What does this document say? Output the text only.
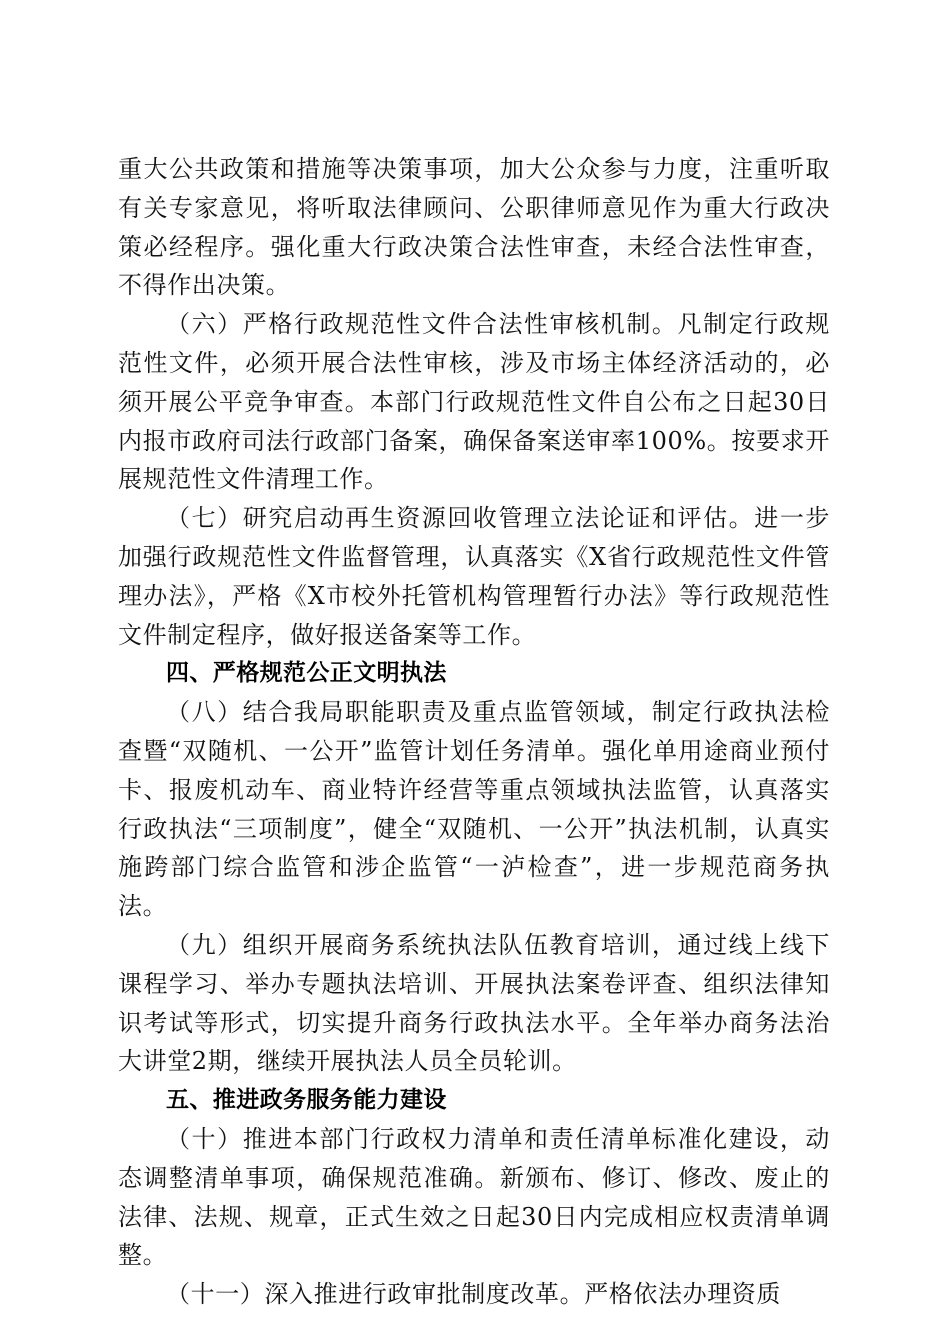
重大公共政策和措施等决策事项，加大公众参与力度，注重听取有关专家意见，将听取法律顾问、公职律师意见作为重大行政决策必经程序。强化重大行政决策合法性审查，未经合法性审查，不得作出决策。

（六）严格行政规范性文件合法性审核机制。凡制定行政规范性文件，必须开展合法性审核，涉及市场主体经济活动的，必须开展公平竞争审查。本部门行政规范性文件自公布之日起30日内报市政府司法行政部门备案，确保备案送审率100%。按要求开展规范性文件清理工作。

（七）研究启动再生资源回收管理立法论证和评估。进一步加强行政规范性文件监督管理，认真落实《X省行政规范性文件管理办法》，严格《X市校外托管机构管理暂行办法》等行政规范性文件制定程序，做好报送备案等工作。

四、严格规范公正文明执法

（八）结合我局职能职责及重点监管领域，制定行政执法检查暨“双随机、一公开”监管计划任务清单。强化单用途商业预付卡、报废机动车、商业特许经营等重点领域执法监管，认真落实行政执法“三项制度”，健全“双随机、一公开”执法机制，认真实施跨部门综合监管和涉企监管“一泸检查”，进一步规范商务执法。

（九）组织开展商务系统执法队伍教育培训，通过线上线下课程学习、举办专题执法培训、开展执法案卷评查、组织法律知识考试等形式，切实提升商务行政执法水平。全年举办商务法治大讲堂2期，继续开展执法人员全员轮训。

五、推进政务服务能力建设

（十）推进本部门行政权力清单和责任清单标准化建设，动态调整清单事项，确保规范准确。新颁布、修订、修改、废止的法律、法规、规章，正式生效之日起30日内完成相应权责清单调整。

（十一）深入推进行政审批制度改革。严格依法办理资质
